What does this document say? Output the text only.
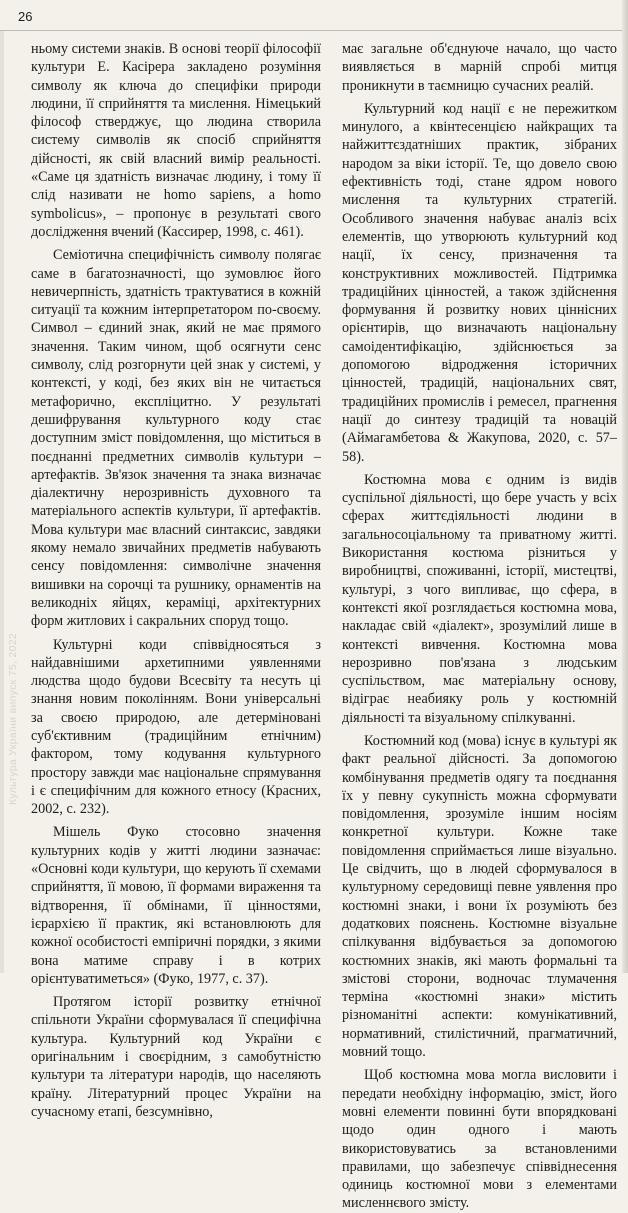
26
Культура України випуск 75, 2022

ньому системи знаків. В основі теорії філософії культури Е. Касірера закладено розуміння символу як ключа до специфіки природи людини, її сприйняття та мислення. Німецький філософ стверджує, що людина створила систему символів як спосіб сприйняття дійсності, як свій власний вимір реальності. «Саме ця здатність визначає людину, і тому її слід називати не homo sapiens, а homo symbolicus», – пропонує в результаті свого дослідження вчений (Кассирер, 1998, с. 461).

Семіотична специфічність символу полягає саме в багатозначності, що зумовлює його невичерпність, здатність трактуватися в кожній ситуації та кожним інтерпретатором по-своєму. Символ – єдиний знак, який не має прямого значення. Таким чином, щоб осягнути сенс символу, слід розгорнути цей знак у системі, у контексті, у коді, без яких він не читається метафорично, експліцитно. У результаті дешифрування культурного коду стає доступним зміст повідомлення, що міститься в поєднанні предметних символів культури – артефактів. Зв'язок значення та знака визначає діалектичну нерозривність духовного та матеріального аспектів культури, її артефактів. Мова культури має власний синтаксис, завдяки якому немало звичайних предметів набувають сенсу повідомлення: символічне значення вишивки на сорочці та рушнику, орнаментів на великодніх яйцях, кераміці, архітектурних форм житлових і сакральних споруд тощо.

Культурні коди співвідносяться з найдавнішими архетипними уявленнями людства щодо будови Всесвіту та несуть ці знання новим поколінням. Вони універсальні за своєю природою, але детерміновані суб'єктивним (традиційним етнічним) фактором, тому кодування культурного простору завжди має національне спрямування і є специфічним для кожного етносу (Красних, 2002, с. 232).

Мішель Фуко стосовно значення культурних кодів у житті людини зазначає: «Основні коди культури, що керують її схемами сприйняття, її мовою, її формами вираження та відтворення, її обмінами, її цінностями, ієрархією її практик, які встановлюють для кожної особистості емпіричні порядки, з якими вона матиме справу і в котрих орієнтуватиметься» (Фуко, 1977, с. 37).

Протягом історії розвитку етнічної спільноти України сформувалася її специфічна культура. Культурний код України є оригінальним і своєрідним, з самобутністю культури та літератури народів, що населяють країну. Літературний процес України на сучасному етапі, безсумнівно,

має загальне об'єднуюче начало, що часто виявляється в марній спробі митця проникнути в таємницю сучасних реалій.

Культурний код нації є не пережитком минулого, а квінтесенцією найкращих та найжиттєздатніших практик, зібраних народом за віки історії. Те, що довело свою ефективність тоді, стане ядром нового мислення та культурних стратегій. Особливого значення набуває аналіз всіх елементів, що утворюють культурний код нації, їх сенсу, призначення та конструктивних можливостей. Підтримка традиційних цінностей, а також здійснення формування й розвитку нових ціннісних орієнтирів, що визначають національну самоідентифікацію, здійснюється за допомогою відродження історичних цінностей, традицій, національних свят, традиційних промислів і ремесел, прагнення нації до синтезу традицій та новацій (Аймагамбетова & Жакупова, 2020, с. 57–58).

Костюмна мова є одним із видів суспільної діяльності, що бере участь у всіх сферах життєдіяльності людини в загальносоціальному та приватному житті. Використання костюма різниться у виробництві, споживанні, історії, мистецтві, культурі, з чого випливає, що сфера, в контексті якої розглядається костюмна мова, накладає свій «діалект», зрозумілий лише в контексті вивчення. Костюмна мова нерозривно пов'язана з людським суспільством, має матеріальну основу, відіграє неабияку роль у костюмній діяльності та візуальному спілкуванні.

Костюмний код (мова) існує в культурі як факт реальної дійсності. За допомогою комбінування предметів одягу та поєднання їх у певну сукупність можна сформувати повідомлення, зрозуміле іншим носіям конкретної культури. Кожне таке повідомлення сприймається лише візуально. Це свідчить, що в людей сформувалося в культурному середовищі певне уявлення про костюмні знаки, і вони їх розуміють без додаткових пояснень. Костюмне візуальне спілкування відбувається за допомогою костюмних знаків, які мають формальні та змістові сторони, водночас тлумачення терміна «костюмні знаки» містить різноманітні аспекти: комунікативний, нормативний, стилістичний, прагматичний, мовний тощо.

Щоб костюмна мова могла висловити і передати необхідну інформацію, зміст, його мовні елементи повинні бути впорядковані щодо один одного і мають використовуватись за встановленими правилами, що забезпечує співвіднесення одиниць костюмної мови з елементами мисленнєвого змісту.
